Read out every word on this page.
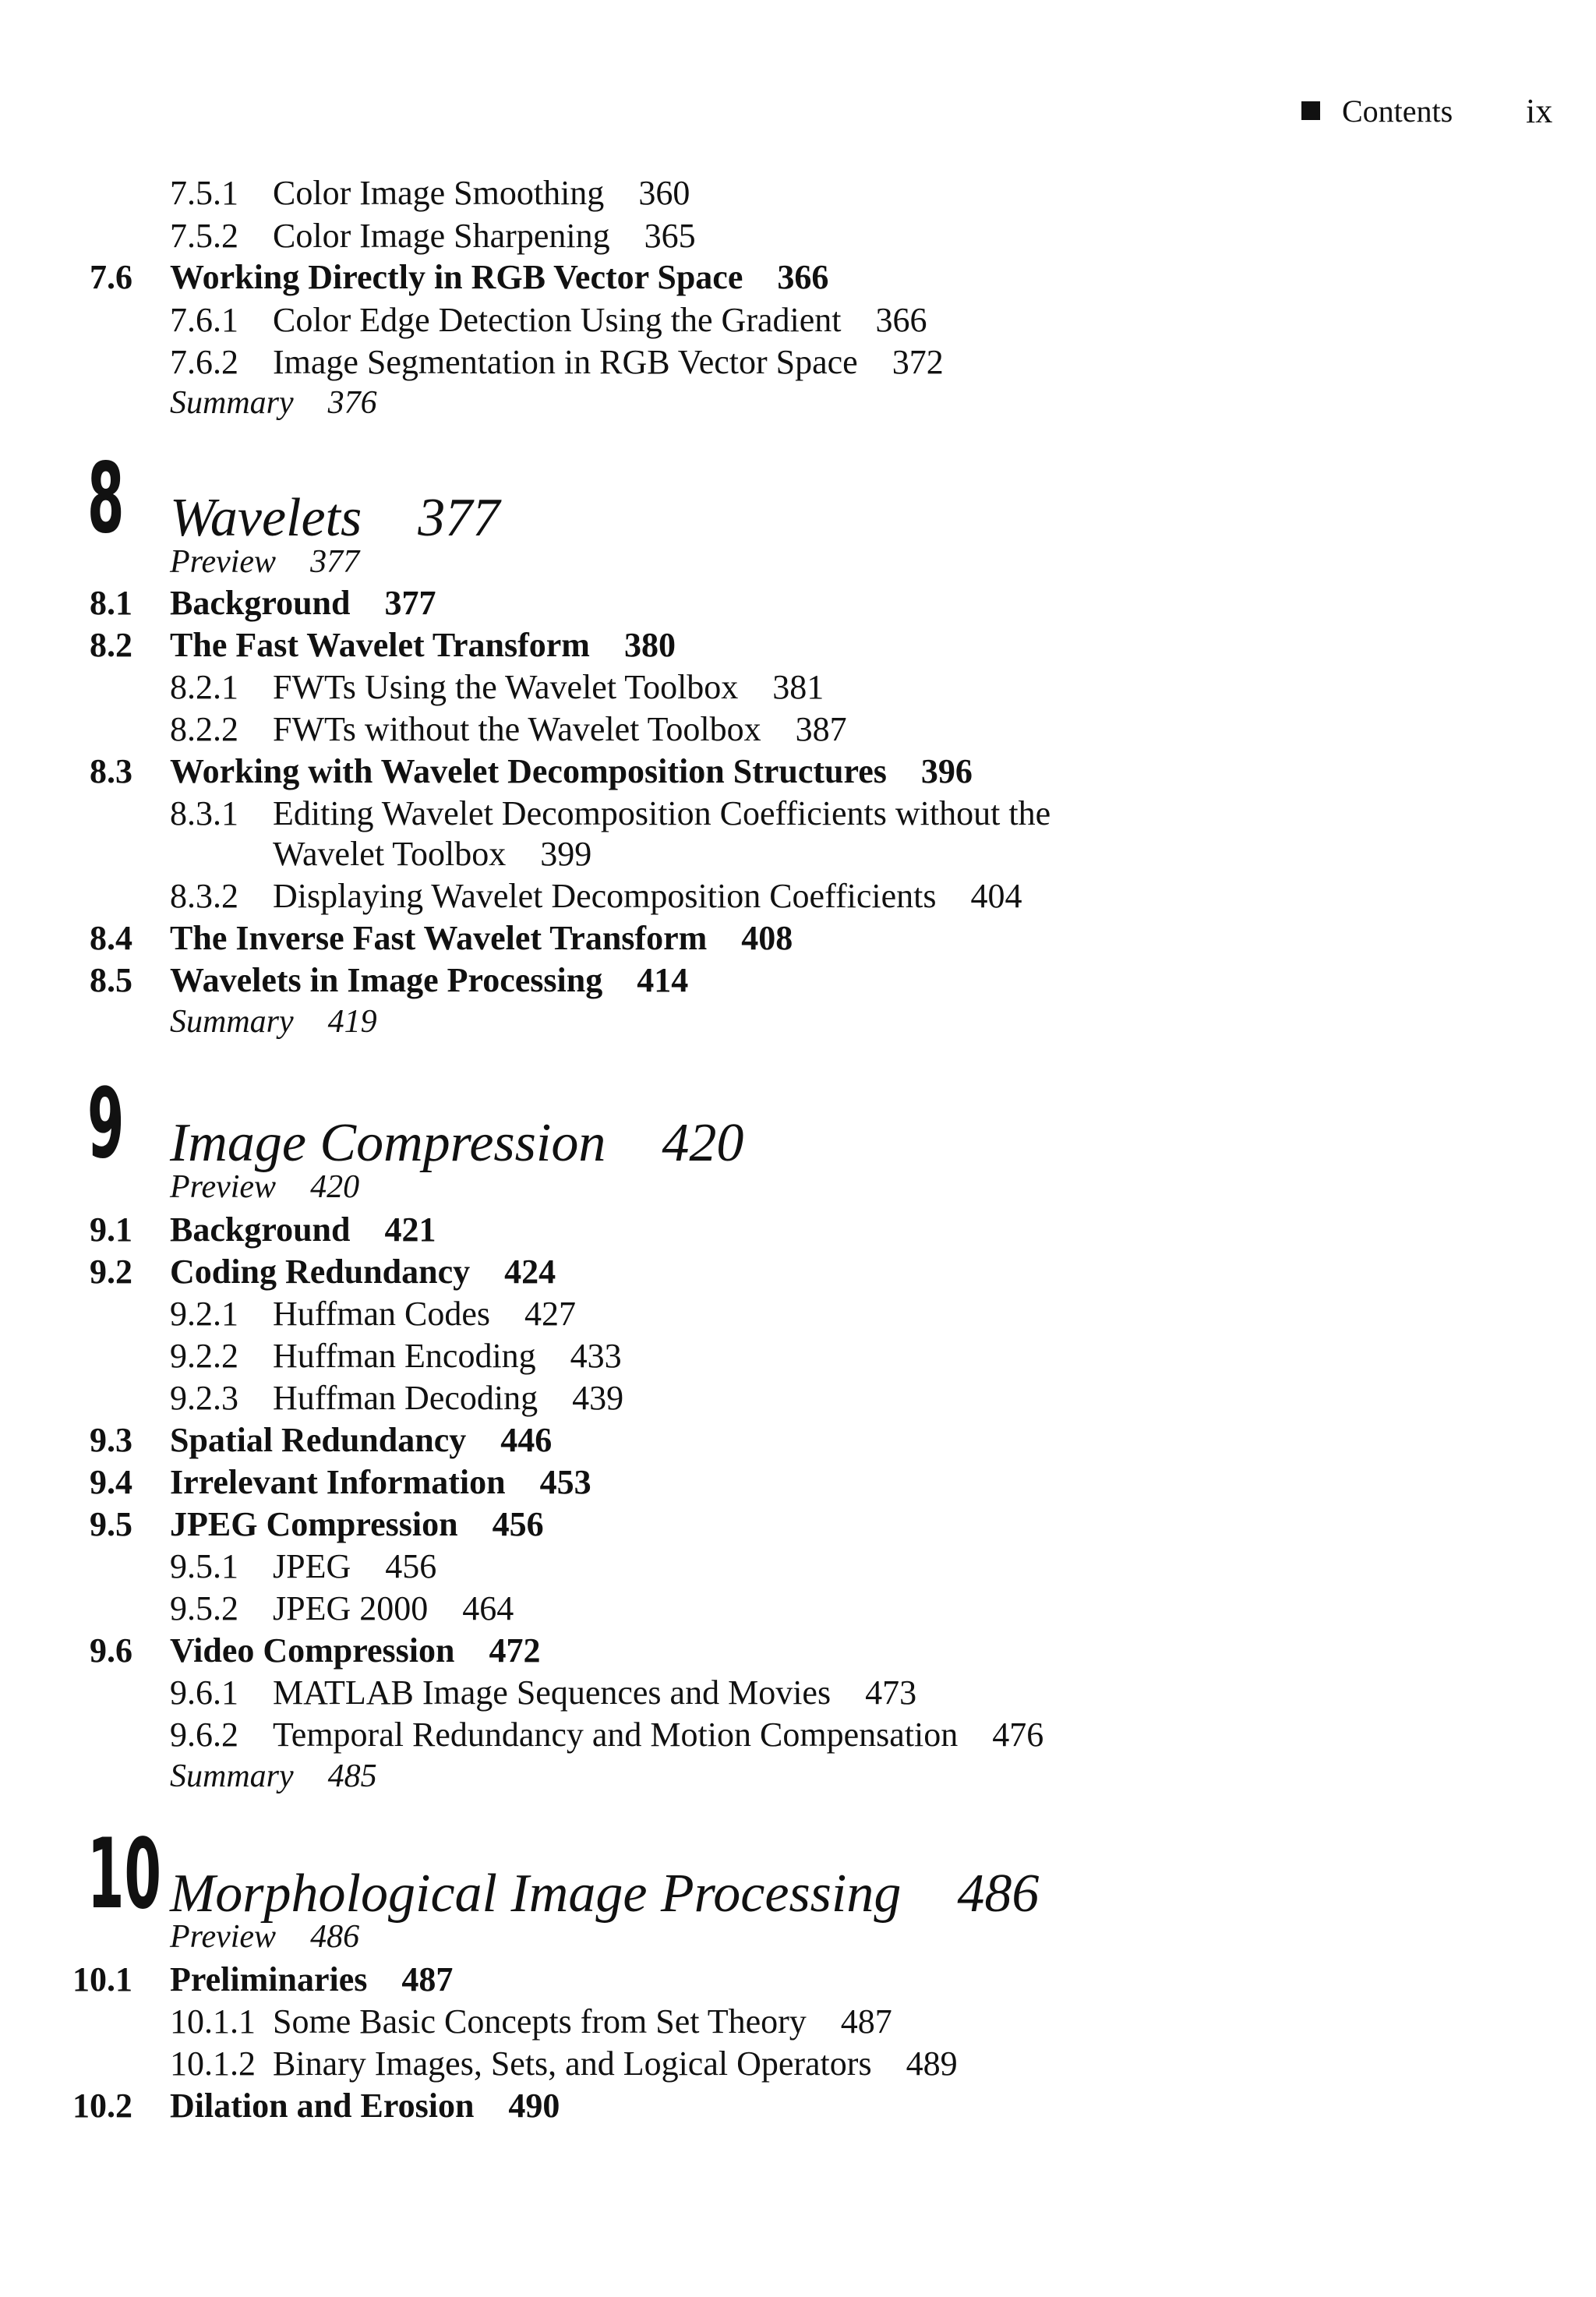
Contents ix
7.5.1 Color Image Smoothing 360
7.5.2 Color Image Sharpening 365
7.6 Working Directly in RGB Vector Space 366
7.6.1 Color Edge Detection Using the Gradient 366
7.6.2 Image Segmentation in RGB Vector Space 372
Summary 376
8 Wavelets 377
Preview 377
8.1 Background 377
8.2 The Fast Wavelet Transform 380
8.2.1 FWTs Using the Wavelet Toolbox 381
8.2.2 FWTs without the Wavelet Toolbox 387
8.3 Working with Wavelet Decomposition Structures 396
8.3.1 Editing Wavelet Decomposition Coefficients without the
Wavelet Toolbox 399
8.3.2 Displaying Wavelet Decomposition Coefficients 404
8.4 The Inverse Fast Wavelet Transform 408
8.5 Wavelets in Image Processing 414
Summary 419
9 Image Compression 420
Preview 420
9.1 Background 421
9.2 Coding Redundancy 424
9.2.1 Huffman Codes 427
9.2.2 Huffman Encoding 433
9.2.3 Huffman Decoding 439
9.3 Spatial Redundancy 446
9.4 Irrelevant Information 453
9.5 JPEG Compression 456
9.5.1 JPEG 456
9.5.2 JPEG 2000 464
9.6 Video Compression 472
9.6.1 MATLAB Image Sequences and Movies 473
9.6.2 Temporal Redundancy and Motion Compensation 476
Summary 485
10 Morphological Image Processing 486
Preview 486
10.1 Preliminaries 487
10.1.1 Some Basic Concepts from Set Theory 487
10.1.2 Binary Images, Sets, and Logical Operators 489
10.2 Dilation and Erosion 490
